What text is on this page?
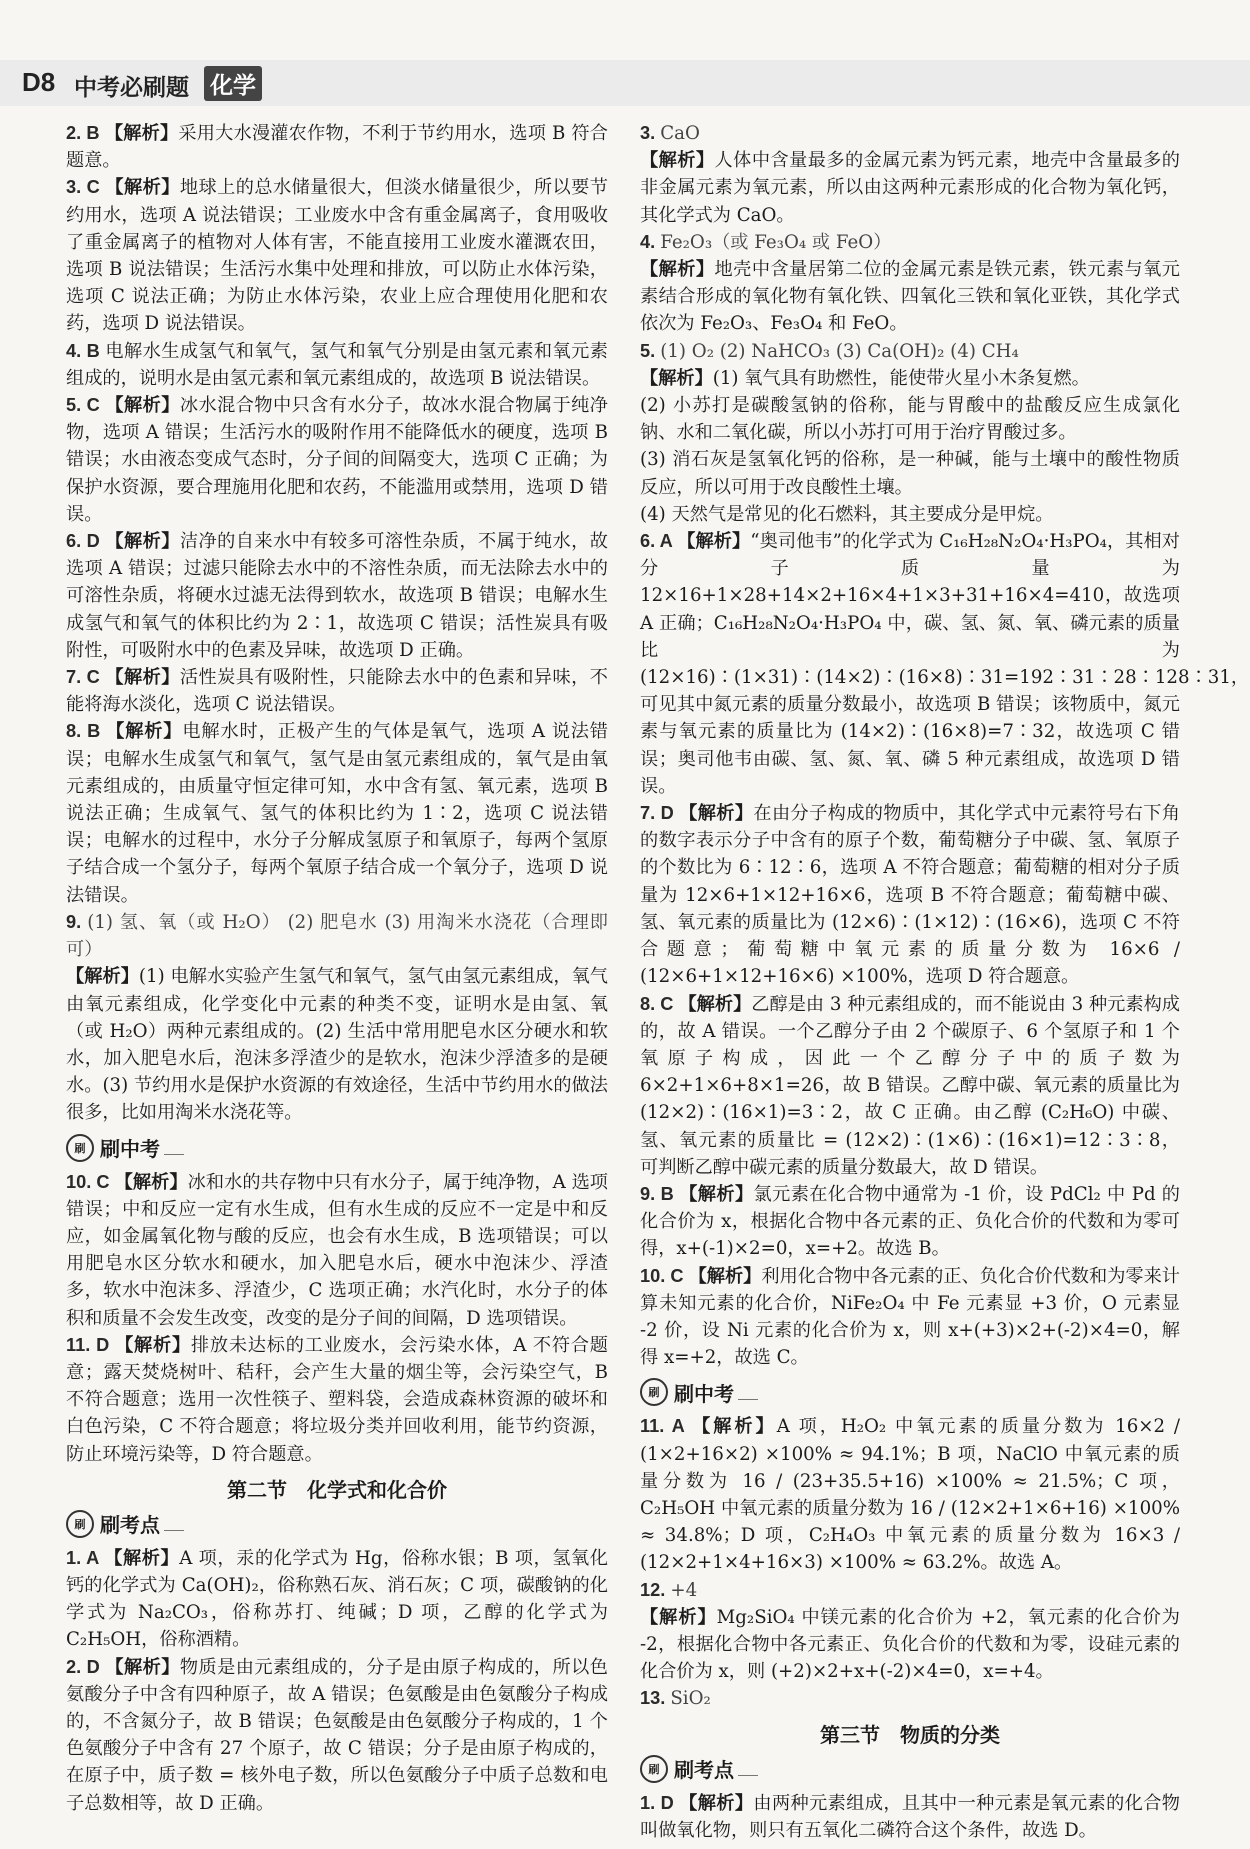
D8 中考必刷题 化学

2. B 【解析】采用大水漫灌农作物，不利于节约用水，选项 B 符合题意。

3. C 【解析】地球上的总水储量很大，但淡水储量很少，所以要节约用水，选项 A 说法错误；工业废水中含有重金属离子，食用吸收了重金属离子的植物对人体有害，不能直接用工业废水灌溉农田，选项 B 说法错误；生活污水集中处理和排放，可以防止水体污染，选项 C 说法正确；为防止水体污染，农业上应合理使用化肥和农药，选项 D 说法错误。

4. B 电解水生成氢气和氧气，氢气和氧气分别是由氢元素和氧元素组成的，说明水是由氢元素和氧元素组成的，故选项 B 说法错误。

5. C 【解析】冰水混合物中只含有水分子，故冰水混合物属于纯净物，选项 A 错误；生活污水的吸附作用不能降低水的硬度，选项 B 错误；水由液态变成气态时，分子间的间隔变大，选项 C 正确；为保护水资源，要合理施用化肥和农药，不能滥用或禁用，选项 D 错误。

6. D 【解析】洁净的自来水中有较多可溶性杂质，不属于纯水，故选项 A 错误；过滤只能除去水中的不溶性杂质，而无法除去水中的可溶性杂质，将硬水过滤无法得到软水，故选项 B 错误；电解水生成氢气和氧气的体积比约为 2∶1，故选项 C 错误；活性炭具有吸附性，可吸附水中的色素及异味，故选项 D 正确。

7. C 【解析】活性炭具有吸附性，只能除去水中的色素和异味，不能将海水淡化，选项 C 说法错误。

8. B 【解析】电解水时，正极产生的气体是氧气，选项 A 说法错误；电解水生成氢气和氧气，氢气是由氢元素组成的，氧气是由氧元素组成的，由质量守恒定律可知，水中含有氢、氧元素，选项 B 说法正确；生成氧气、氢气的体积比约为 1∶2，选项 C 说法错误；电解水的过程中，水分子分解成氢原子和氧原子，每两个氢原子结合成一个氢分子，每两个氧原子结合成一个氧分子，选项 D 说法错误。

9. (1) 氢、氧（或 H₂O） (2) 肥皂水 (3) 用淘米水浇花（合理即可）

【解析】(1) 电解水实验产生氢气和氧气，氢气由氢元素组成，氧气由氧元素组成，化学变化中元素的种类不变，证明水是由氢、氧（或 H₂O）两种元素组成的。(2) 生活中常用肥皂水区分硬水和软水，加入肥皂水后，泡沫多浮渣少的是软水，泡沫少浮渣多的是硬水。(3) 节约用水是保护水资源的有效途径，生活中节约用水的做法很多，比如用淘米水浇花等。

刷 刷中考

10. C 【解析】冰和水的共存物中只有水分子，属于纯净物，A 选项错误；中和反应一定有水生成，但有水生成的反应不一定是中和反应，如金属氧化物与酸的反应，也会有水生成，B 选项错误；可以用肥皂水区分软水和硬水，加入肥皂水后，硬水中泡沫少、浮渣多，软水中泡沫多、浮渣少，C 选项正确；水汽化时，水分子的体积和质量不会发生改变，改变的是分子间的间隔，D 选项错误。

11. D 【解析】排放未达标的工业废水，会污染水体，A 不符合题意；露天焚烧树叶、秸秆，会产生大量的烟尘等，会污染空气，B 不符合题意；选用一次性筷子、塑料袋，会造成森林资源的破坏和白色污染，C 不符合题意；将垃圾分类并回收利用，能节约资源，防止环境污染等，D 符合题意。

第二节　化学式和化合价
刷 刷考点

1. A 【解析】A 项，汞的化学式为 Hg，俗称水银；B 项，氢氧化钙的化学式为 Ca(OH)₂，俗称熟石灰、消石灰；C 项，碳酸钠的化学式为 Na₂CO₃，俗称苏打、纯碱；D 项，乙醇的化学式为 C₂H₅OH，俗称酒精。

2. D 【解析】物质是由元素组成的，分子是由原子构成的，所以色氨酸分子中含有四种原子，故 A 错误；色氨酸是由色氨酸分子构成的，不含氮分子，故 B 错误；色氨酸是由色氨酸分子构成的，1 个色氨酸分子中含有 27 个原子，故 C 错误；分子是由原子构成的，在原子中，质子数 = 核外电子数，所以色氨酸分子中质子总数和电子总数相等，故 D 正确。

3. CaO

【解析】人体中含量最多的金属元素为钙元素，地壳中含量最多的非金属元素为氧元素，所以由这两种元素形成的化合物为氧化钙，其化学式为 CaO。

4. Fe₂O₃（或 Fe₃O₄ 或 FeO）

【解析】地壳中含量居第二位的金属元素是铁元素，铁元素与氧元素结合形成的氧化物有氧化铁、四氧化三铁和氧化亚铁，其化学式依次为 Fe₂O₃、Fe₃O₄ 和 FeO。

5. (1) O₂ (2) NaHCO₃ (3) Ca(OH)₂ (4) CH₄

【解析】(1) 氧气具有助燃性，能使带火星小木条复燃。
(2) 小苏打是碳酸氢钠的俗称，能与胃酸中的盐酸反应生成氯化钠、水和二氧化碳，所以小苏打可用于治疗胃酸过多。
(3) 消石灰是氢氧化钙的俗称，是一种碱，能与土壤中的酸性物质反应，所以可用于改良酸性土壤。
(4) 天然气是常见的化石燃料，其主要成分是甲烷。

6. A 【解析】“奥司他韦”的化学式为 C₁₆H₂₈N₂O₄·H₃PO₄，其相对分子质量为 12×16+1×28+14×2+16×4+1×3+31+16×4=410，故选项 A 正确；C₁₆H₂₈N₂O₄·H₃PO₄ 中，碳、氢、氮、氧、磷元素的质量比为 (12×16)∶(1×31)∶(14×2)∶(16×8)∶31=192∶31∶28∶128∶31，可见其中氮元素的质量分数最小，故选项 B 错误；该物质中，氮元素与氧元素的质量比为 (14×2)∶(16×8)=7∶32，故选项 C 错误；奥司他韦由碳、氢、氮、氧、磷 5 种元素组成，故选项 D 错误。

7. D 【解析】在由分子构成的物质中，其化学式中元素符号右下角的数字表示分子中含有的原子个数，葡萄糖分子中碳、氢、氧原子的个数比为 6∶12∶6，选项 A 不符合题意；葡萄糖的相对分子质量为 12×6+1×12+16×6，选项 B 不符合题意；葡萄糖中碳、氢、氧元素的质量比为 (12×6)∶(1×12)∶(16×6)，选项 C 不符合题意；葡萄糖中氧元素的质量分数为 16×6 / (12×6+1×12+16×6) ×100%，选项 D 符合题意。

8. C 【解析】乙醇是由 3 种元素组成的，而不能说由 3 种元素构成的，故 A 错误。一个乙醇分子由 2 个碳原子、6 个氢原子和 1 个氧原子构成，因此一个乙醇分子中的质子数为 6×2+1×6+8×1=26，故 B 错误。乙醇中碳、氧元素的质量比为 (12×2)∶(16×1)=3∶2，故 C 正确。由乙醇 (C₂H₆O) 中碳、氢、氧元素的质量比 = (12×2)∶(1×6)∶(16×1)=12∶3∶8，可判断乙醇中碳元素的质量分数最大，故 D 错误。

9. B 【解析】氯元素在化合物中通常为 -1 价，设 PdCl₂ 中 Pd 的化合价为 x，根据化合物中各元素的正、负化合价的代数和为零可得，x+(-1)×2=0，x=+2。故选 B。

10. C 【解析】利用化合物中各元素的正、负化合价代数和为零来计算未知元素的化合价，NiFe₂O₄ 中 Fe 元素显 +3 价，O 元素显 -2 价，设 Ni 元素的化合价为 x，则 x+(+3)×2+(-2)×4=0，解得 x=+2，故选 C。

刷 刷中考

11. A 【解析】A 项，H₂O₂ 中氧元素的质量分数为 16×2 / (1×2+16×2) ×100% ≈ 94.1%；B 项，NaClO 中氧元素的质量分数为 16 / (23+35.5+16) ×100% ≈ 21.5%；C 项，C₂H₅OH 中氧元素的质量分数为 16 / (12×2+1×6+16) ×100% ≈ 34.8%；D 项，C₂H₄O₃ 中氧元素的质量分数为 16×3 / (12×2+1×4+16×3) ×100% ≈ 63.2%。故选 A。

12. +4

【解析】Mg₂SiO₄ 中镁元素的化合价为 +2，氧元素的化合价为 -2，根据化合物中各元素正、负化合价的代数和为零，设硅元素的化合价为 x，则 (+2)×2+x+(-2)×4=0，x=+4。

13. SiO₂

第三节　物质的分类
刷 刷考点

1. D 【解析】由两种元素组成，且其中一种元素是氧元素的化合物叫做氧化物，则只有五氧化二磷符合这个条件，故选 D。
